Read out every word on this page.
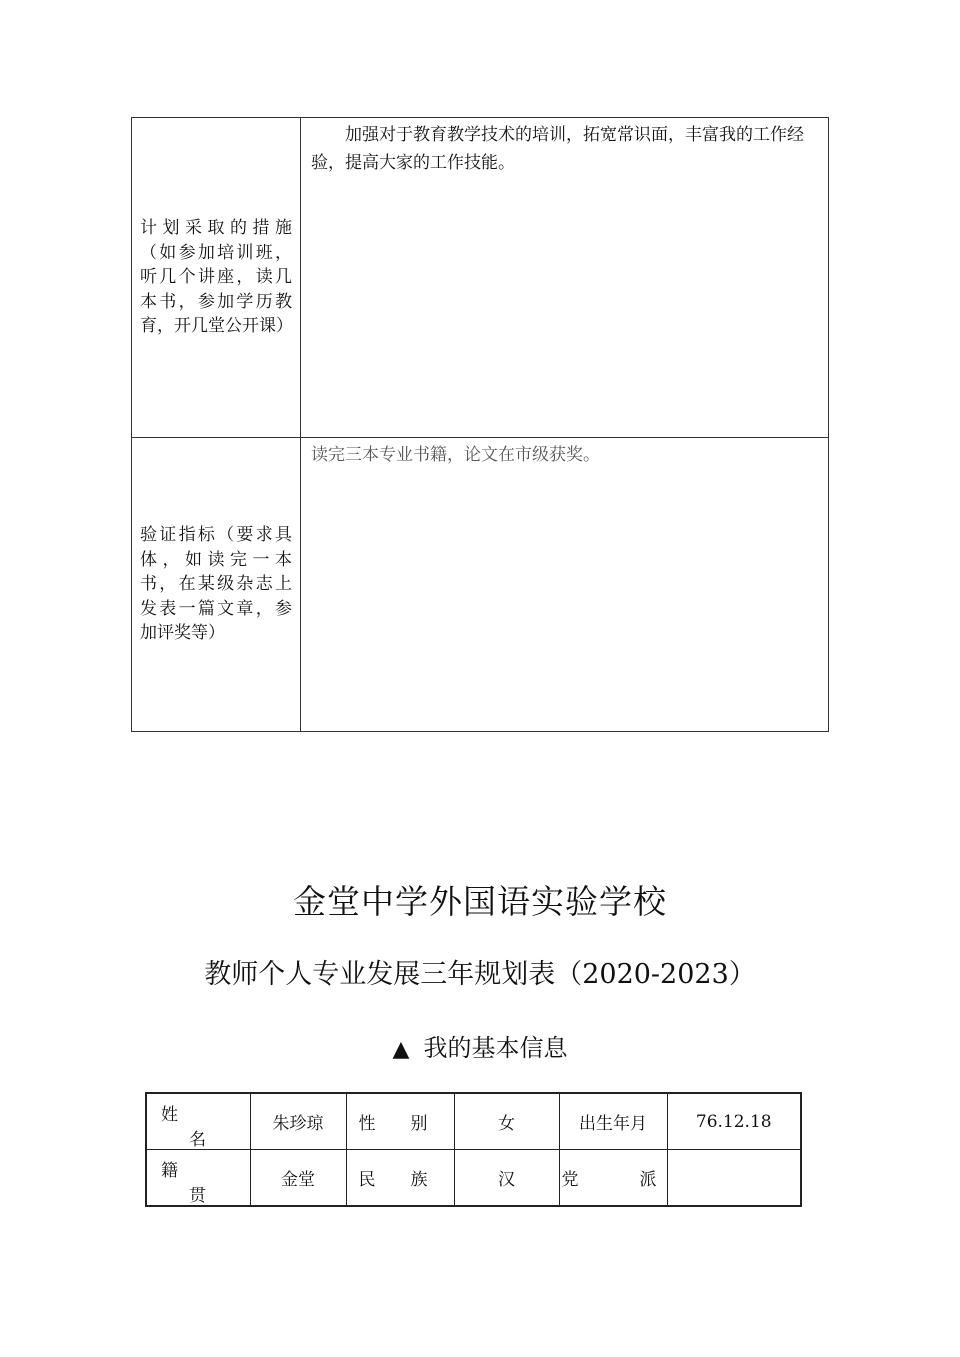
计划采取的措施（如参加培训班，听几个讲座，读几本书，参加学历教育，开几堂公开课）	加强对于教育教学技术的培训，拓宽常识面，丰富我的工作经验，提高大家的工作技能。

验证指标（要求具体，如读完一本书，在某级杂志上发表一篇文章，参加评奖等）	读完三本专业书籍，论文在市级获奖。
金堂中学外国语实验学校
教师个人专业发展三年规划表（2020-2023）
▲ 我的基本信息
姓
名	朱珍琼	性 别	女	出生年月	76.12.18

籍
贯	金堂	民 族	汉	党 派	
